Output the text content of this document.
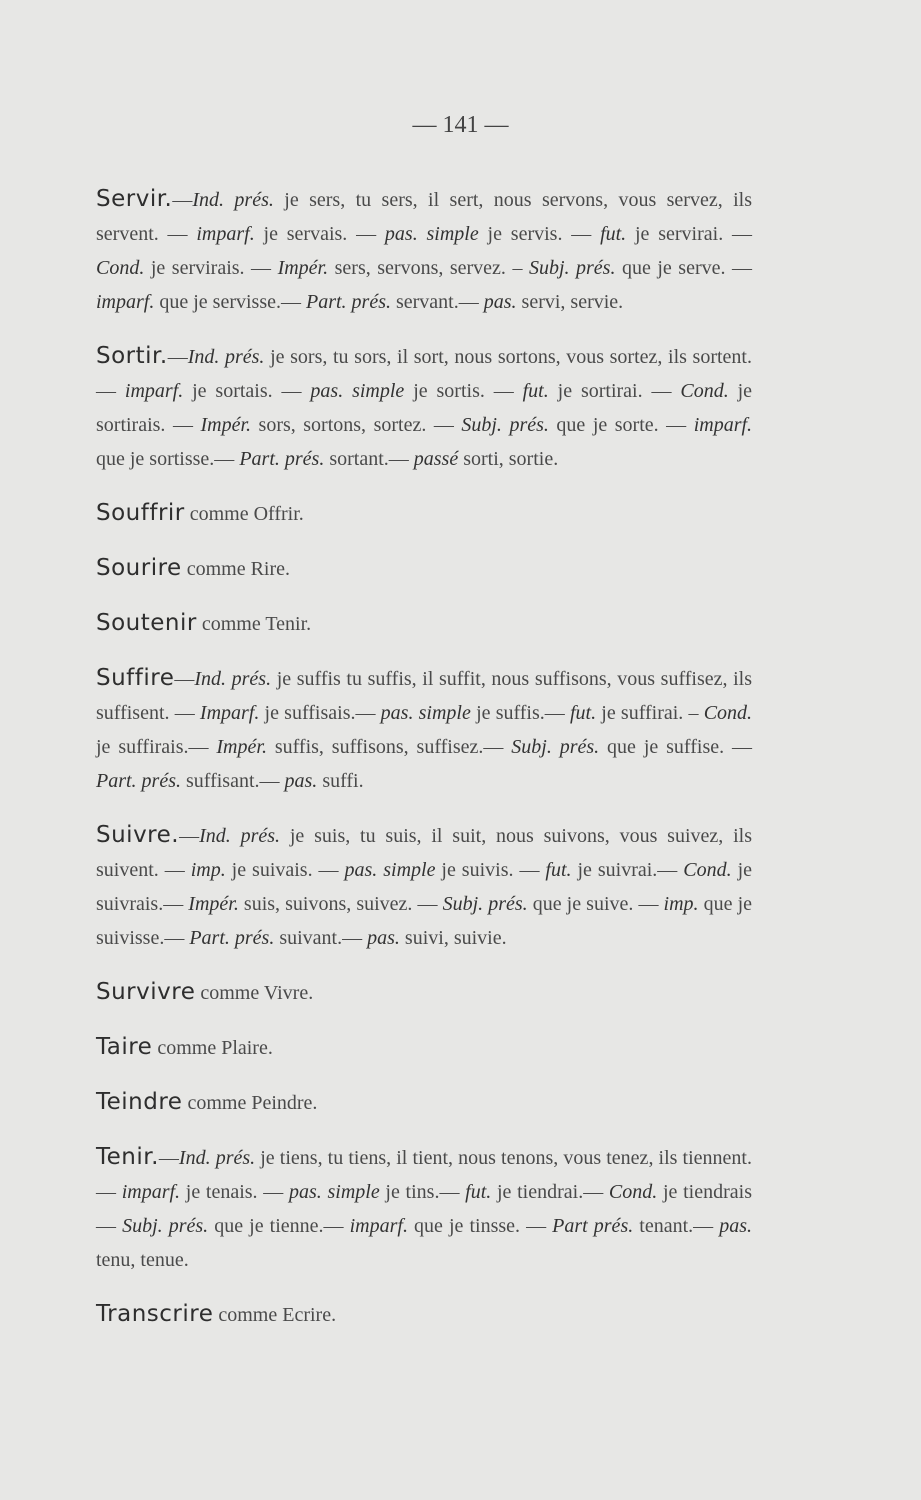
— 141 —

Servir.—Ind. prés. je sers, tu sers, il sert, nous servons, vous servez, ils servent. — imparf. je servais. — pas. simple je servis. — fut. je servirai. — Cond. je servirais. — Impér. sers, servons, servez. – Subj. prés. que je serve. — imparf. que je servisse.— Part. prés. servant.— pas. servi, servie.

Sortir.—Ind. prés. je sors, tu sors, il sort, nous sortons, vous sortez, ils sortent. — imparf. je sortais. — pas. simple je sortis. — fut. je sortirai. — Cond. je sortirais. — Impér. sors, sortons, sortez. — Subj. prés. que je sorte. — imparf. que je sortisse.— Part. prés. sortant.— passé sorti, sortie.

Souffrir comme Offrir.

Sourire comme Rire.

Soutenir comme Tenir.

Suffire—Ind. prés. je suffis tu suffis, il suffit, nous suffisons, vous suffisez, ils suffisent. — Imparf. je suffisais.— pas. simple je suffis.— fut. je suffirai. – Cond. je suffirais.— Impér. suffis, suffisons, suffisez.— Subj. prés. que je suffise. — Part. prés. suffisant.— pas. suffi.

Suivre.—Ind. prés. je suis, tu suis, il suit, nous suivons, vous suivez, ils suivent. — imp. je suivais. — pas. simple je suivis. — fut. je suivrai.— Cond. je suivrais.— Impér. suis, suivons, suivez. — Subj. prés. que je suive. — imp. que je suivisse.— Part. prés. suivant.— pas. suivi, suivie.

Survivre comme Vivre.

Taire comme Plaire.

Teindre comme Peindre.

Tenir.—Ind. prés. je tiens, tu tiens, il tient, nous tenons, vous tenez, ils tiennent.— imparf. je tenais. — pas. simple je tins.— fut. je tiendrai.— Cond. je tiendrais— Subj. prés. que je tienne.— imparf. que je tinsse. — Part prés. tenant.— pas. tenu, tenue.

Transcrire comme Ecrire.
